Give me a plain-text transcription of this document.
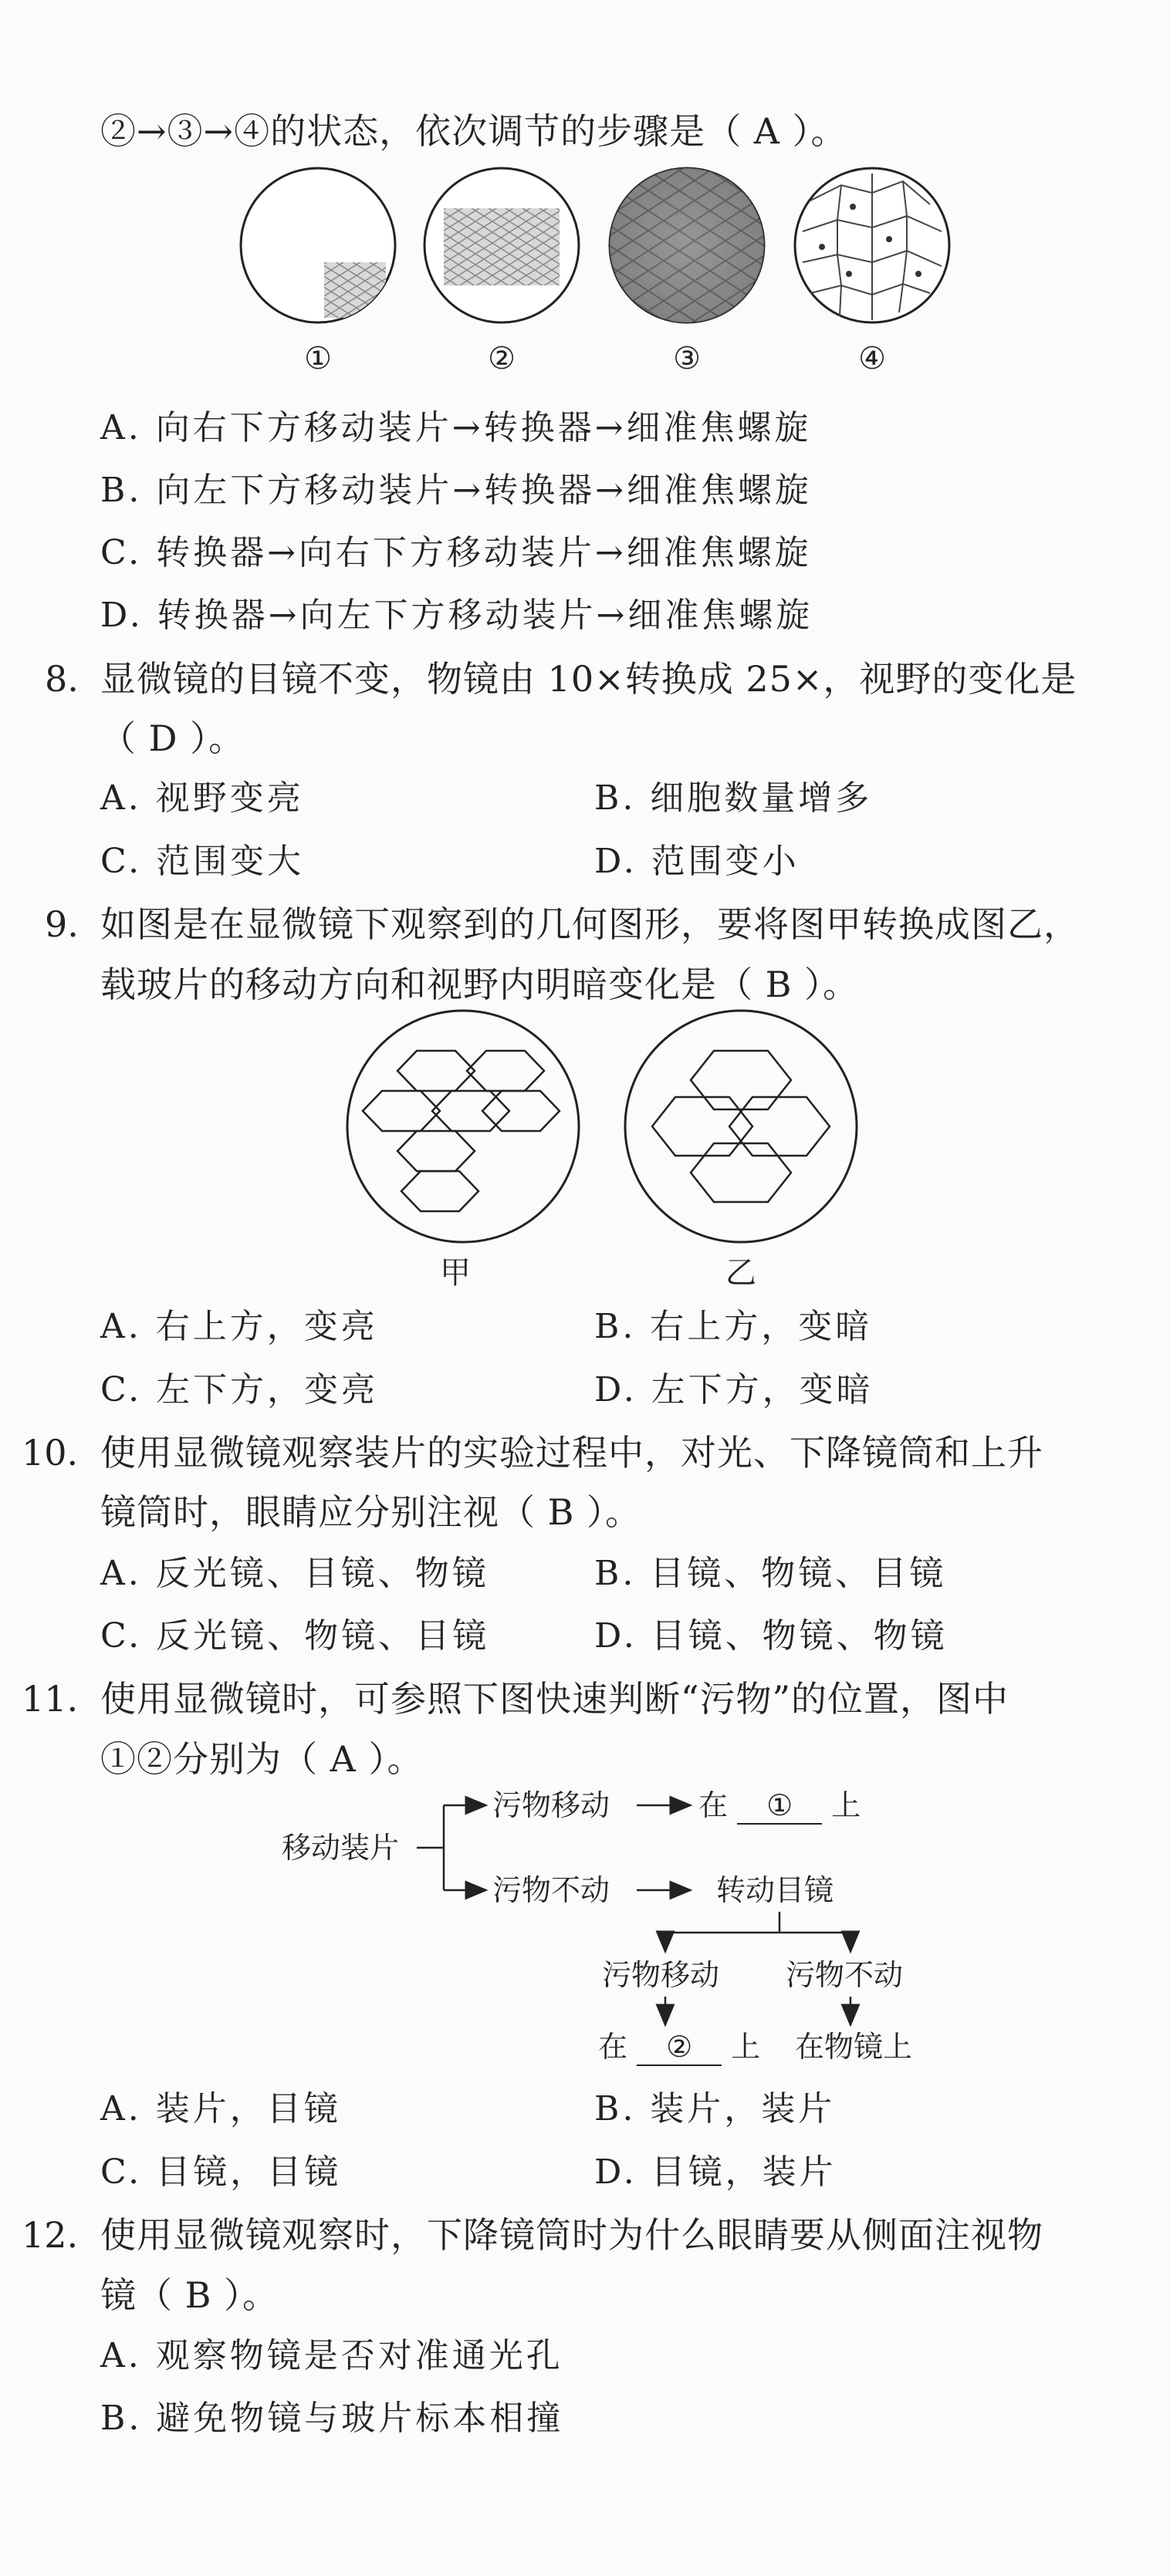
②→③→④的状态，依次调节的步骤是（ A ）。
①	②	③	④
A. 向右下方移动装片→转换器→细准焦螺旋
B. 向左下方移动装片→转换器→细准焦螺旋
C. 转换器→向右下方移动装片→细准焦螺旋
D. 转换器→向左下方移动装片→细准焦螺旋
8. 显微镜的目镜不变，物镜由 10×转换成 25×，视野的变化是
（ D ）。
A. 视野变亮	B. 细胞数量增多
C. 范围变大	D. 范围变小
9. 如图是在显微镜下观察到的几何图形，要将图甲转换成图乙，
载玻片的移动方向和视野内明暗变化是（ B ）。
甲	乙
A. 右上方，变亮	B. 右上方，变暗
C. 左下方，变亮	D. 左下方，变暗
10. 使用显微镜观察装片的实验过程中，对光、下降镜筒和上升
镜筒时，眼睛应分别注视（ B ）。
A. 反光镜、目镜、物镜	B. 目镜、物镜、目镜
C. 反光镜、物镜、目镜	D. 目镜、物镜、物镜
11. 使用显微镜时，可参照下图快速判断“污物”的位置，图中
①②分别为（ A ）。
移动装片
污物移动	在 ① 上
污物不动	转动目镜
污物移动 污物不动
在 ② 上 在物镜上
A. 装片，目镜	B. 装片，装片
C. 目镜，目镜	D. 目镜，装片
12. 使用显微镜观察时，下降镜筒时为什么眼睛要从侧面注视物
镜（ B ）。
A. 观察物镜是否对准通光孔
B. 避免物镜与玻片标本相撞
